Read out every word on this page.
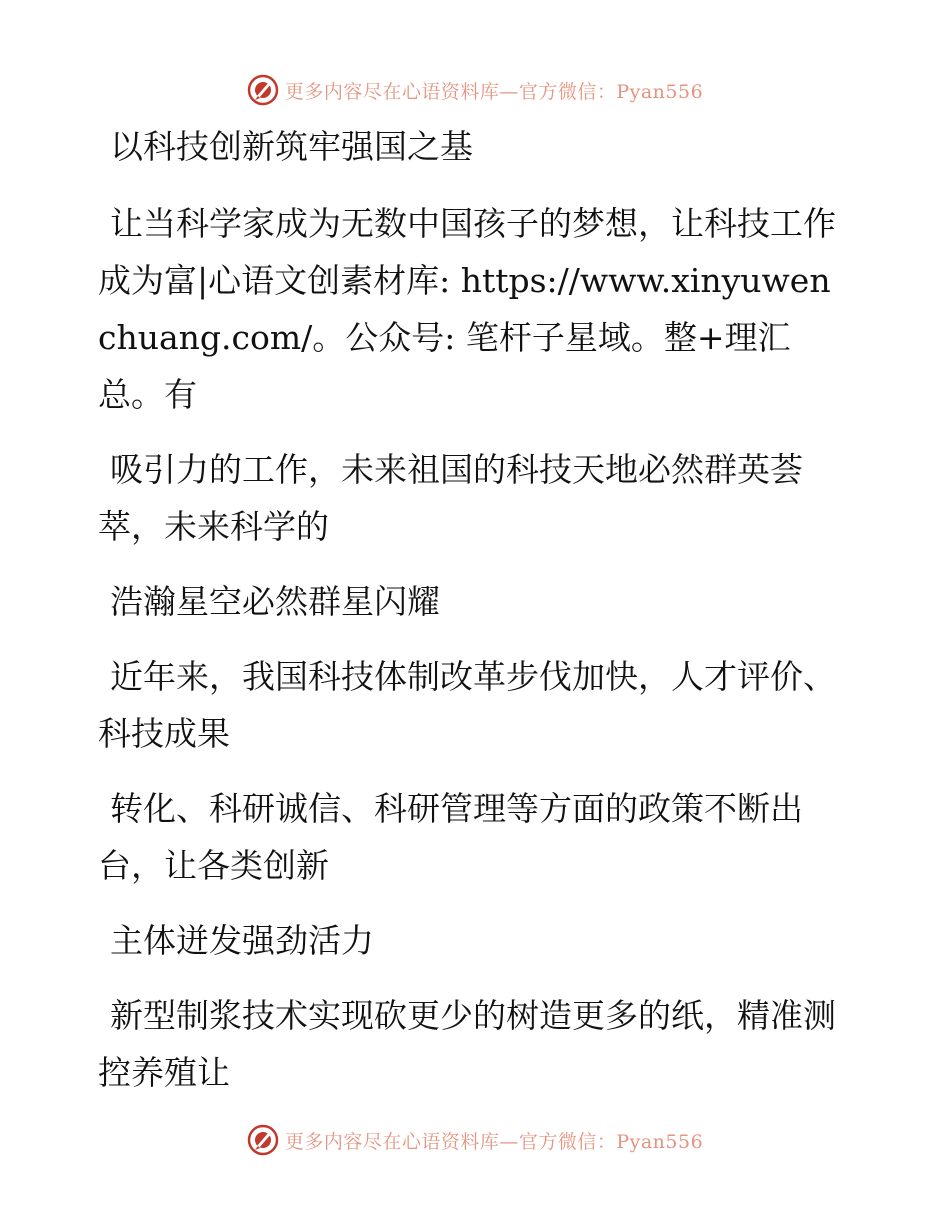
更多内容尽在心语资料库—官方微信：Pyan556

以科技创新筑牢强国之基

让当科学家成为无数中国孩子的梦想，让科技工作成为富|心语文创素材库: https://www.xinyuwenchuang.com/。公众号: 笔杆子星域。整+理汇总。有

吸引力的工作，未来祖国的科技天地必然群英荟萃，未来科学的

浩瀚星空必然群星闪耀

近年来，我国科技体制改革步伐加快，人才评价、科技成果

转化、科研诚信、科研管理等方面的政策不断出台，让各类创新

主体迸发强劲活力

新型制浆技术实现砍更少的树造更多的纸，精准测控养殖让

更多内容尽在心语资料库—官方微信：Pyan556
